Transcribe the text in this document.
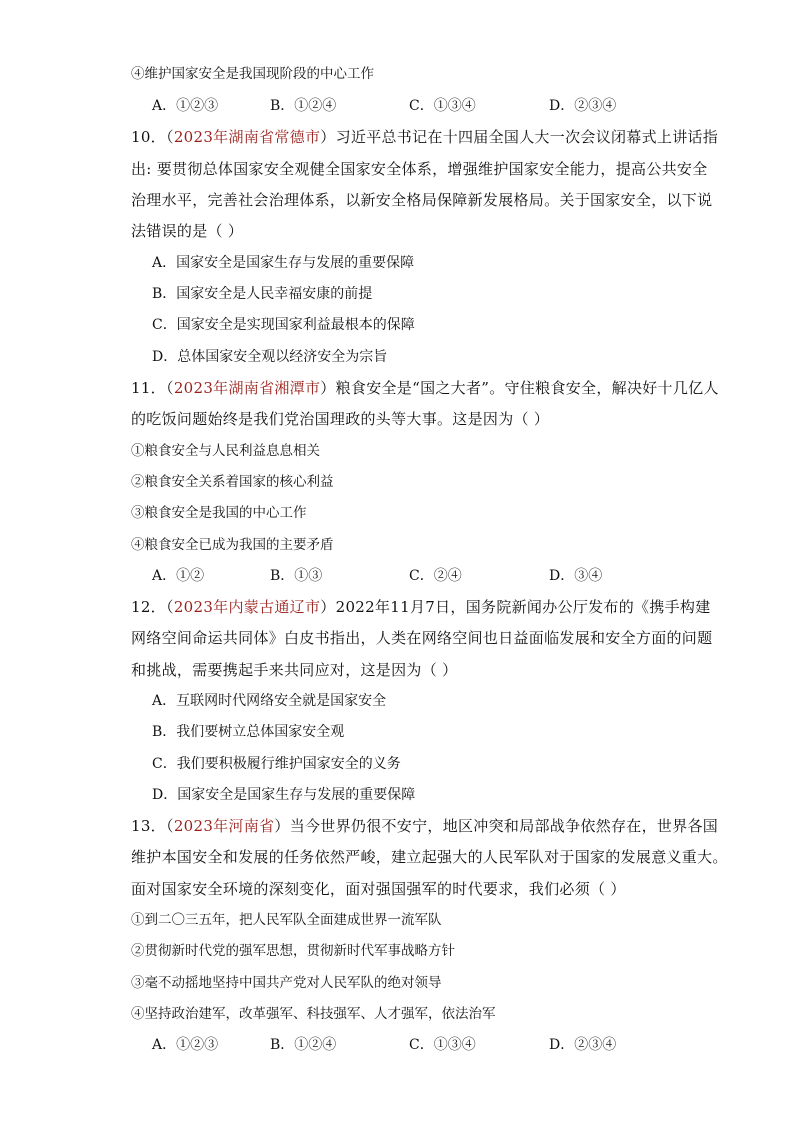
④维护国家安全是我国现阶段的中心工作
A．①②③	B．①②④	C．①③④	D．②③④
10．（2023年湖南省常德市）习近平总书记在十四届全国人大一次会议闭幕式上讲话指
出: 要贯彻总体国家安全观健全国家安全体系，增强维护国家安全能力，提高公共安全
治理水平，完善社会治理体系，以新安全格局保障新发展格局。关于国家安全，以下说
法错误的是（ ）
A．国家安全是国家生存与发展的重要保障
B．国家安全是人民幸福安康的前提
C．国家安全是实现国家利益最根本的保障
D．总体国家安全观以经济安全为宗旨
11．（2023年湖南省湘潭市）粮食安全是“国之大者”。守住粮食安全，解决好十几亿人
的吃饭问题始终是我们党治国理政的头等大事。这是因为（ ）
①粮食安全与人民利益息息相关
②粮食安全关系着国家的核心利益
③粮食安全是我国的中心工作
④粮食安全已成为我国的主要矛盾
A．①②	B．①③	C．②④	D．③④
12．（2023年内蒙古通辽市）2022年11月7日，国务院新闻办公厅发布的《携手构建
网络空间命运共同体》白皮书指出，人类在网络空间也日益面临发展和安全方面的问题
和挑战，需要携起手来共同应对，这是因为（ ）
A．互联网时代网络安全就是国家安全
B．我们要树立总体国家安全观
C．我们要积极履行维护国家安全的义务
D．国家安全是国家生存与发展的重要保障
13．（2023年河南省）当今世界仍很不安宁，地区冲突和局部战争依然存在，世界各国
维护本国安全和发展的任务依然严峻，建立起强大的人民军队对于国家的发展意义重大。
面对国家安全环境的深刻变化，面对强国强军的时代要求，我们必须（ ）
①到二〇三五年，把人民军队全面建成世界一流军队
②贯彻新时代党的强军思想，贯彻新时代军事战略方针
③毫不动摇地坚持中国共产党对人民军队的绝对领导
④坚持政治建军，改革强军、科技强军、人才强军，依法治军
A．①②③	B．①②④	C．①③④	D．②③④
